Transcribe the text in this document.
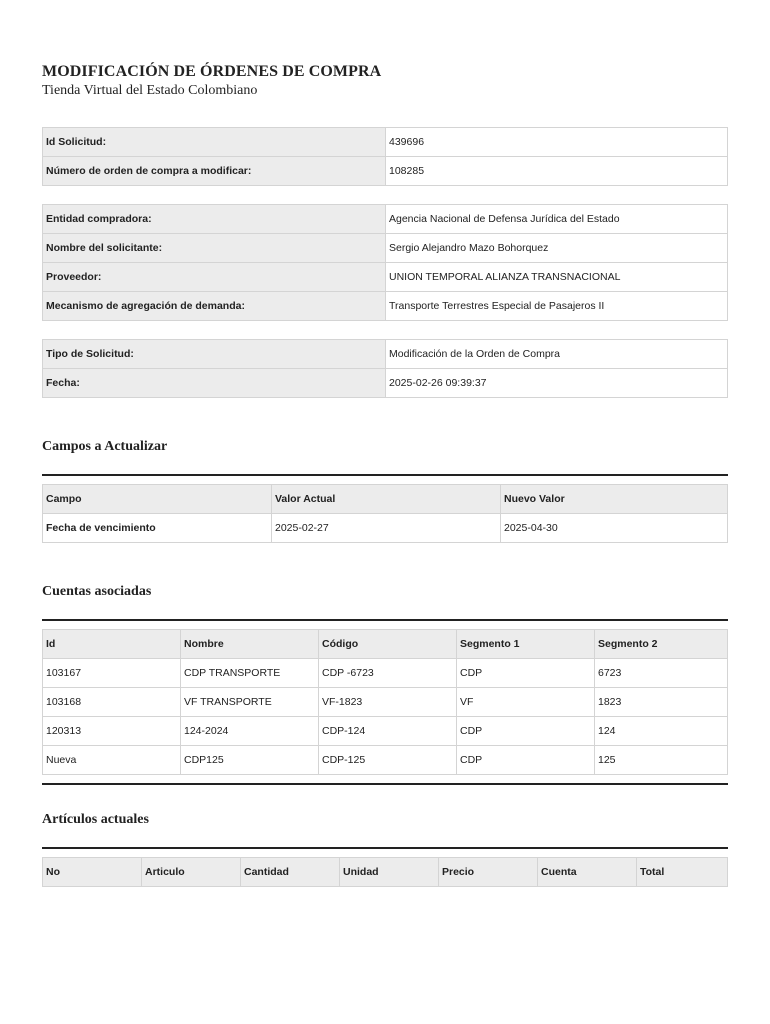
MODIFICACIÓN DE ÓRDENES DE COMPRA

Tienda Virtual del Estado Colombiano

Id Solicitud:	439696
Número de orden de compra a modificar:	108285
Entidad compradora:	Agencia Nacional de Defensa Jurídica del Estado
Nombre del solicitante:	Sergio Alejandro Mazo Bohorquez
Proveedor:	UNION TEMPORAL ALIANZA TRANSNACIONAL
Mecanismo de agregación de demanda:	Transporte Terrestres Especial de Pasajeros II
Tipo de Solicitud:	Modificación de la Orden de Compra
Fecha:	2025-02-26 09:39:37
Campos a Actualizar
Campo	Valor Actual	Nuevo Valor
Fecha de vencimiento	2025-02-27	2025-04-30
Cuentas asociadas
Id	Nombre	Código	Segmento 1	Segmento 2
103167	CDP TRANSPORTE	CDP -6723	CDP	6723
103168	VF TRANSPORTE	VF-1823	VF	1823
120313	124-2024	CDP-124	CDP	124
Nueva	CDP125	CDP-125	CDP	125
Artículos actuales
No	Articulo	Cantidad	Unidad	Precio	Cuenta	Total
